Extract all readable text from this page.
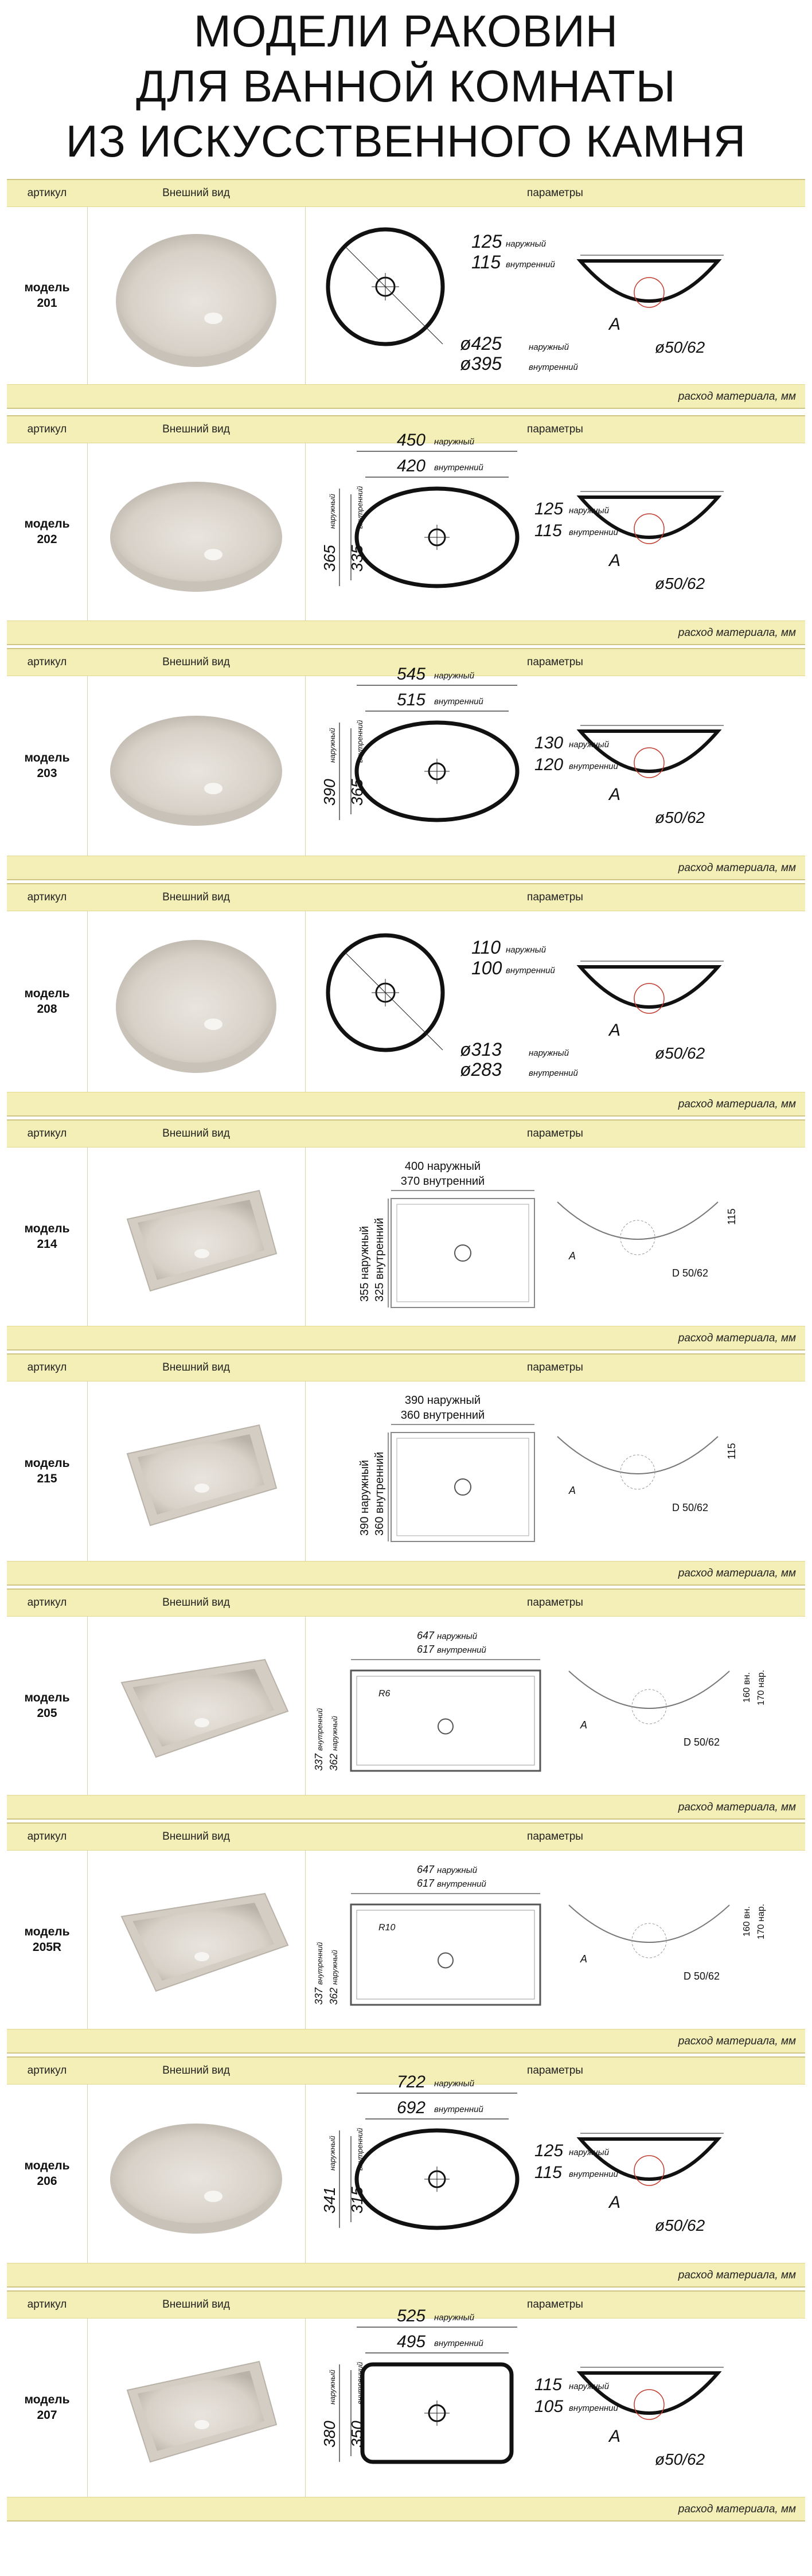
МОДЕЛИ РАКОВИН
ДЛЯ ВАННОЙ КОМНАТЫ
ИЗ ИСКУССТВЕННОГО КАМНЯ
артикул	Внешний вид	параметры
модель
201
ø425	наружный
ø395	внутренний
125 наружный
115 внутренний
A
ø50/62
расход материала, мм
артикул	Внешний вид	параметры
модель
202
450 наружный
420 внутренний
365
наружный
335
внутренний	125 наружный
115 внутренний
A
ø50/62
расход материала, мм
артикул	Внешний вид	параметры
модель
203
545 наружный
515 внутренний
390
наружный
365
внутренний	130 наружный
120 внутренний
A
ø50/62
расход материала, мм
артикул	Внешний вид	параметры
модель
208
ø313	наружный
ø283	внутренний
110 наружный
100 внутренний
A
ø50/62
расход материала, мм
артикул	Внешний вид	параметры
модель
214
400 наружный
370 внутренний
355 наружный 325 внутренний	A
D 50/62
115
расход материала, мм
артикул	Внешний вид	параметры
модель
215
390 наружный
360 внутренний
390 наружный 360 внутренний	A
D 50/62
115
расход материала, мм
артикул	Внешний вид	параметры
модель
205
647 наружный
617 внутренний
R6
337
внутренний
362
наружный	A
D 50/62
160 вн. 170 нар.
расход материала, мм
артикул	Внешний вид	параметры
модель
205R
647 наружный
617 внутренний
R10
337
внутренний
362
наружный	A
D 50/62
160 вн. 170 нар.
расход материала, мм
артикул	Внешний вид	параметры
модель
206
722 наружный
692 внутренний
341
наружный
315
внутренний	125 наружный
115 внутренний
A
ø50/62
расход материала, мм
артикул	Внешний вид	параметры
модель
207
525 наружный
495 внутренний
380
наружный
350
внутренний	115 наружный
105 внутренний
A
ø50/62
расход материала, мм
